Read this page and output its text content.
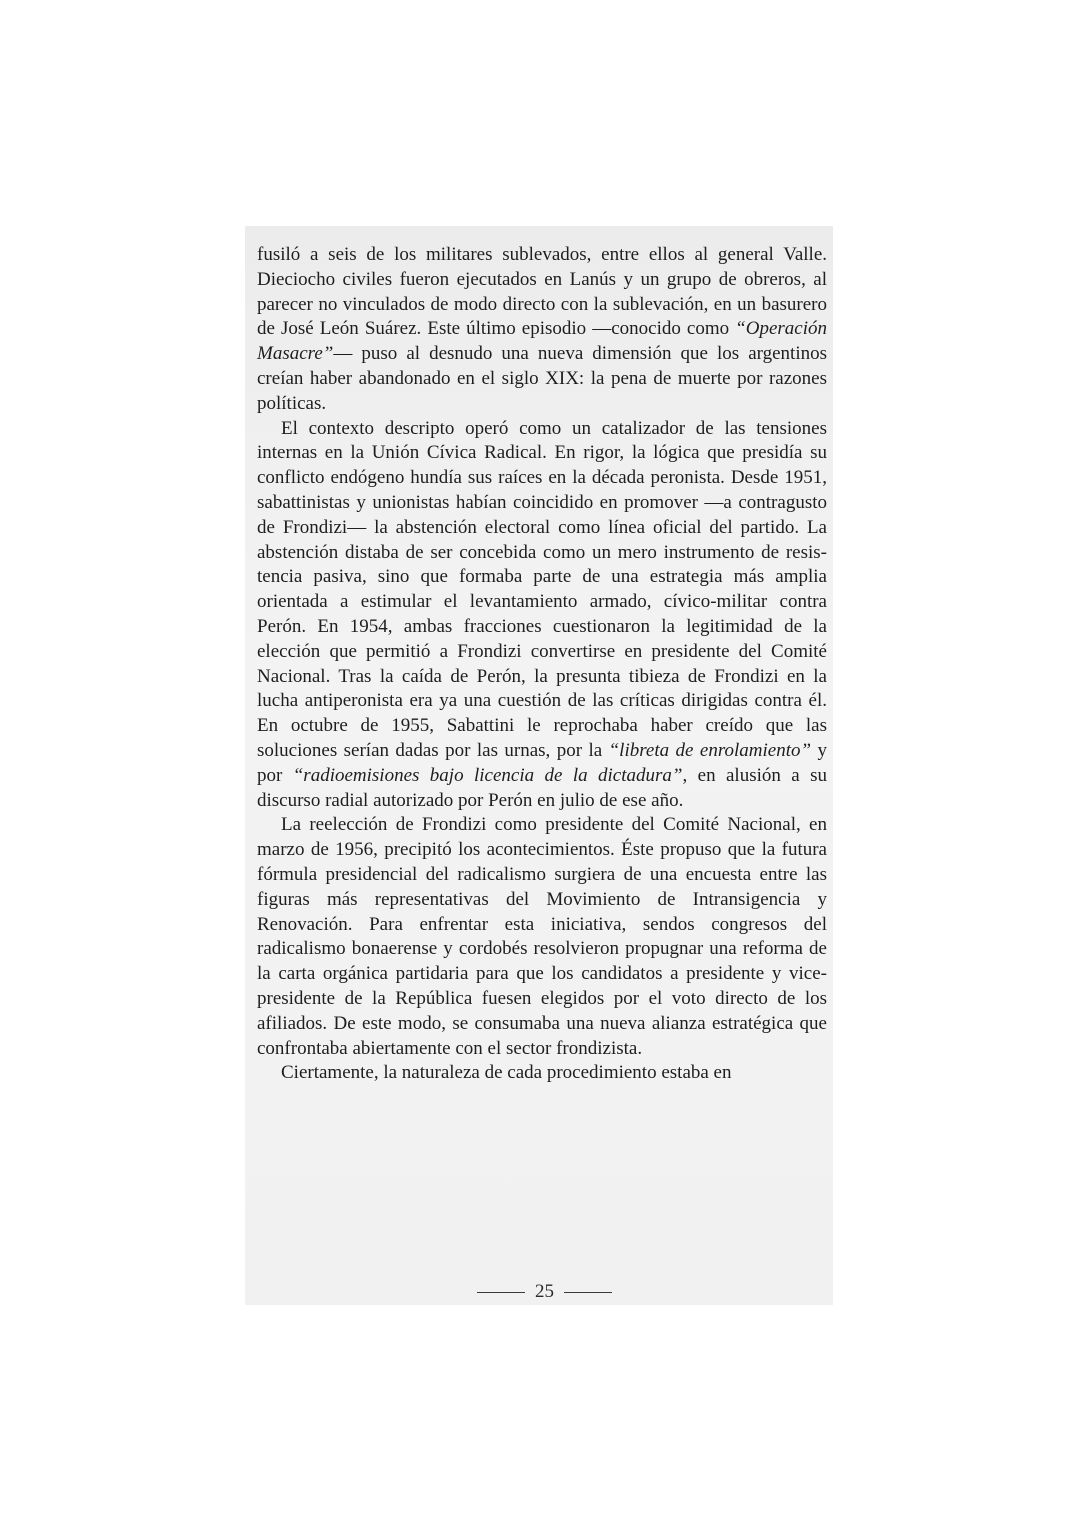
fusiló a seis de los militares sublevados, entre ellos al general Valle. Dieciocho civiles fueron ejecutados en Lanús y un grupo de obreros, al parecer no vinculados de modo directo con la sublevación, en un basurero de José León Suárez. Este último episodio —conocido como “Operación Masacre”— puso al desnudo una nueva dimensión que los argentinos creían haber abandonado en el siglo XIX: la pena de muerte por razones políticas.

El contexto descripto operó como un catalizador de las tensiones internas en la Unión Cívica Radical. En rigor, la lógica que presidía su conflicto endógeno hundía sus raíces en la década peronista. Desde 1951, sabattinistas y unionistas habían coincidido en promover —a contragusto de Frondizi— la abstención electoral como línea oficial del partido. La abstención distaba de ser concebida como un mero instrumento de resistencia pasiva, sino que formaba parte de una estrategia más amplia orientada a estimular el levantamiento armado, cívico-militar contra Perón. En 1954, ambas fracciones cuestionaron la legitimidad de la elección que permitió a Frondizi convertirse en presidente del Comité Nacional. Tras la caída de Perón, la presunta tibieza de Frondizi en la lucha antiperonista era ya una cuestión de las críticas dirigidas contra él. En octubre de 1955, Sabattini le reprochaba haber creído que las soluciones serían dadas por las urnas, por la “libreta de enrolamiento” y por “radioemisiones bajo licencia de la dictadura”, en alusión a su discurso radial autorizado por Perón en julio de ese año.

La reelección de Frondizi como presidente del Comité Nacional, en marzo de 1956, precipitó los acontecimientos. Éste propuso que la futura fórmula presidencial del radicalismo surgiera de una encuesta entre las figuras más representativas del Movimiento de Intransigencia y Renovación. Para enfrentar esta iniciativa, sendos congresos del radicalismo bonaerense y cordobés resolvieron propugnar una reforma de la carta orgánica partidaria para que los candidatos a presidente y vicepresidente de la República fuesen elegidos por el voto directo de los afiliados. De este modo, se consumaba una nueva alianza estratégica que confrontaba abiertamente con el sector frondizista.

Ciertamente, la naturaleza de cada procedimiento estaba en

25
